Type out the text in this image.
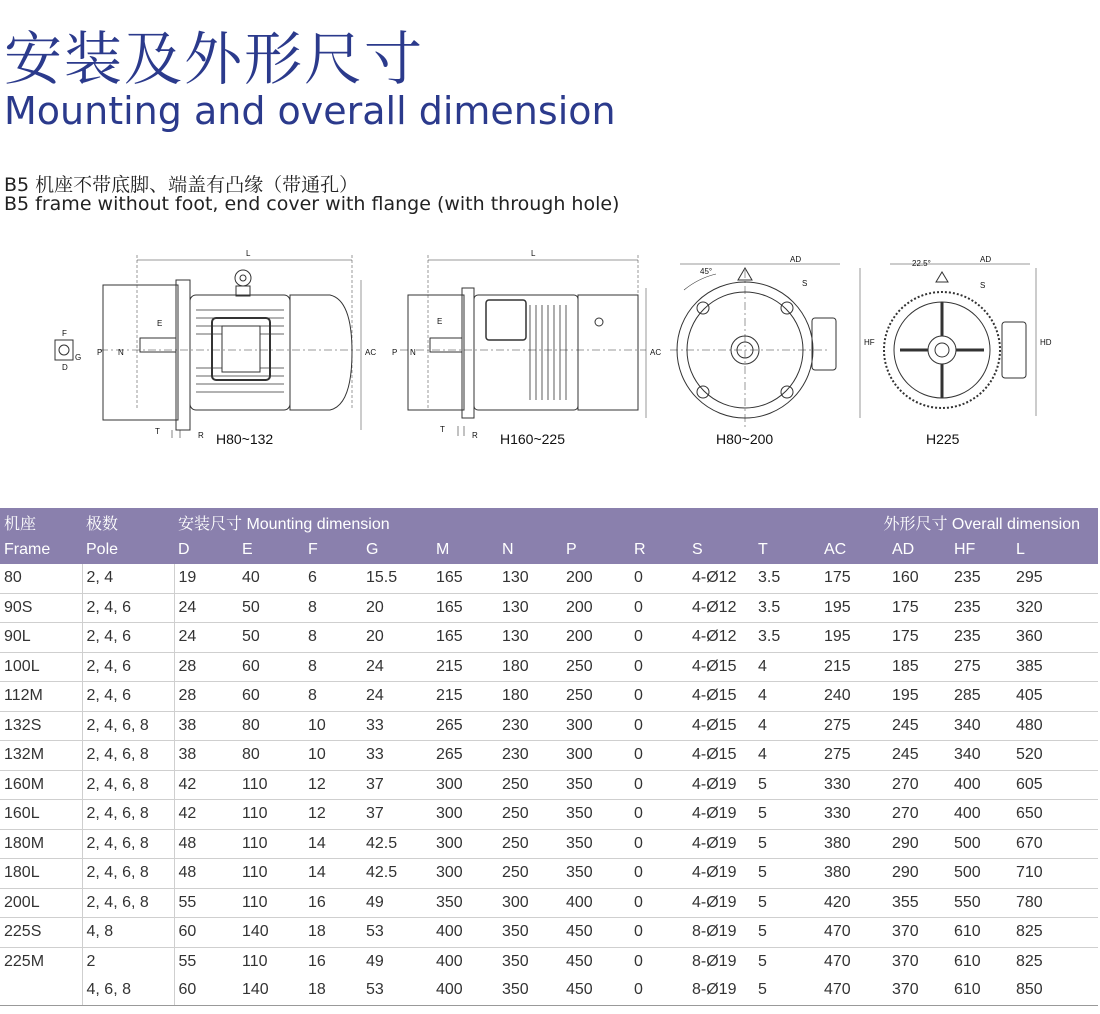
安装及外形尺寸
Mounting and overall dimension
B5 机座不带底脚、端盖有凸缘（带通孔）
B5 frame without foot, end cover with flange (with through hole)
L
E
F
G
D
P N	AC
T	R
L
E
P N	AC
T
R
45°
AD
S
HF
22.5°	AD
S
HD
H80~132	H160~225	H80~200	H225
机座	极数	安装尺寸 Mounting dimension									外形尺寸 Overall dimension				
Frame	Pole	D	E	F	G	M	N	P	R	S	T	AC	AD	HF	L
80	2, 4	19	40	6	15.5	165	130	200	0	4-Ø12	3.5	175	160	235	295
90S	2, 4, 6	24	50	8	20	165	130	200	0	4-Ø12	3.5	195	175	235	320
90L	2, 4, 6	24	50	8	20	165	130	200	0	4-Ø12	3.5	195	175	235	360
100L	2, 4, 6	28	60	8	24	215	180	250	0	4-Ø15	4	215	185	275	385
112M	2, 4, 6	28	60	8	24	215	180	250	0	4-Ø15	4	240	195	285	405
132S	2, 4, 6, 8	38	80	10	33	265	230	300	0	4-Ø15	4	275	245	340	480
132M	2, 4, 6, 8	38	80	10	33	265	230	300	0	4-Ø15	4	275	245	340	520
160M	2, 4, 6, 8	42	110	12	37	300	250	350	0	4-Ø19	5	330	270	400	605
160L	2, 4, 6, 8	42	110	12	37	300	250	350	0	4-Ø19	5	330	270	400	650
180M	2, 4, 6, 8	48	110	14	42.5	300	250	350	0	4-Ø19	5	380	290	500	670
180L	2, 4, 6, 8	48	110	14	42.5	300	250	350	0	4-Ø19	5	380	290	500	710
200L	2, 4, 6, 8	55	110	16	49	350	300	400	0	4-Ø19	5	420	355	550	780
225S	4, 8	60	140	18	53	400	350	450	0	8-Ø19	5	470	370	610	825
225M	2	55	110	16	49	400	350	450	0	8-Ø19	5	470	370	610	825
	4, 6, 8	60	140	18	53	400	350	450	0	8-Ø19	5	470	370	610	850
